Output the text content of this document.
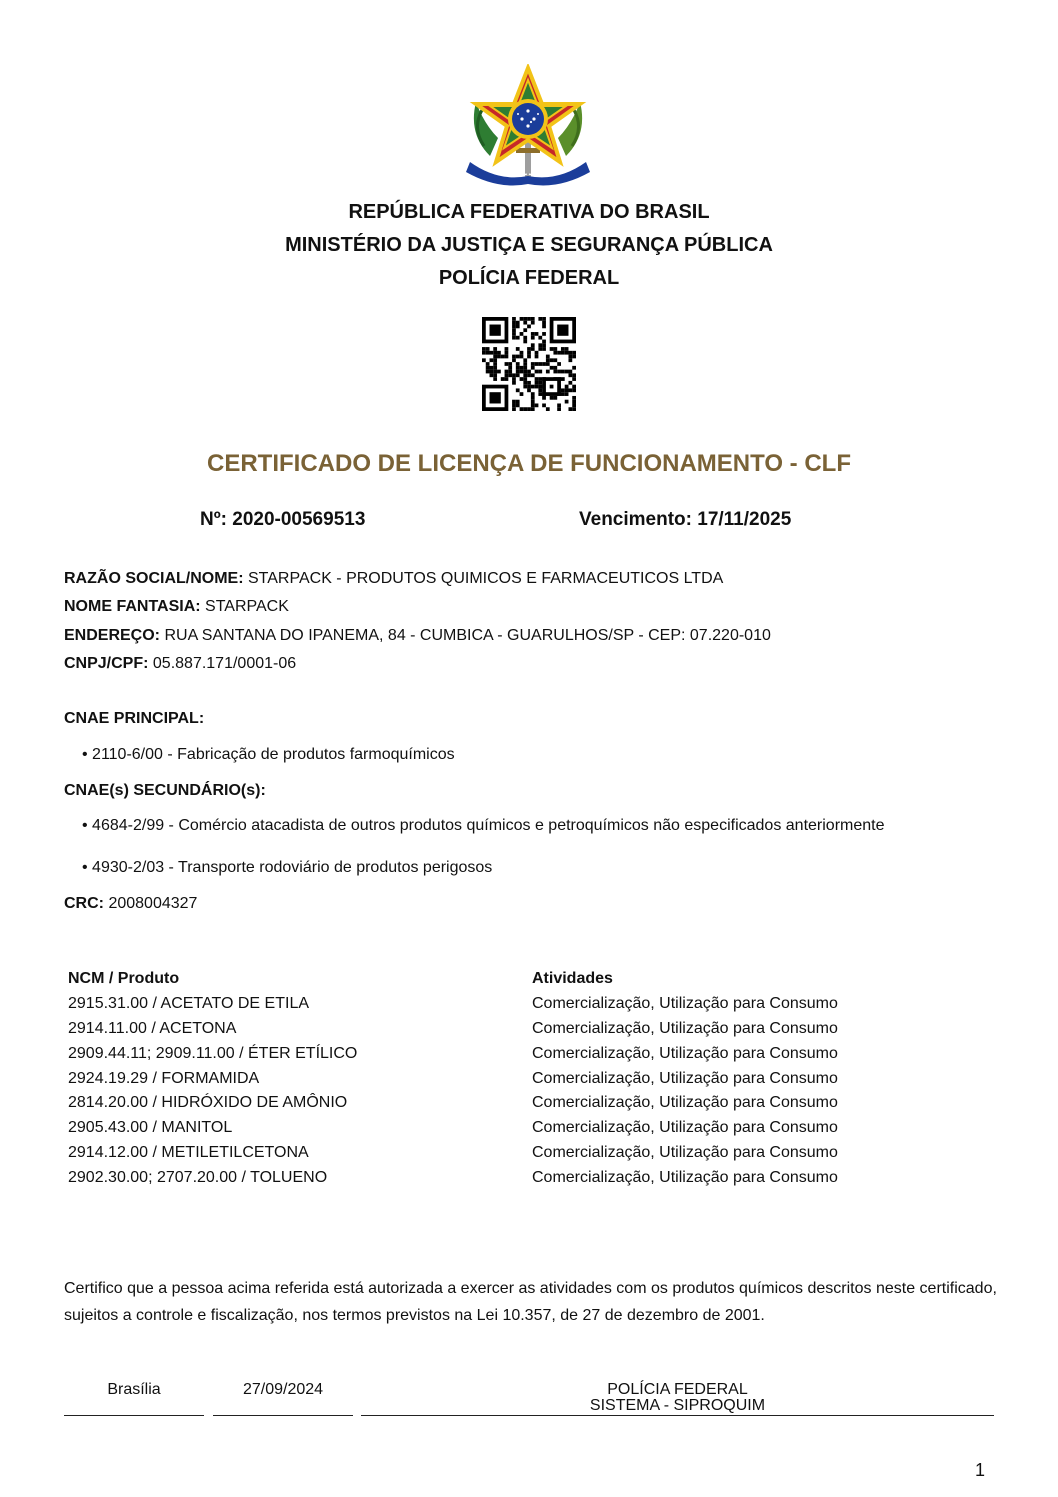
REPÚBLICA FEDERATIVA DO BRASIL
MINISTÉRIO DA JUSTIÇA E SEGURANÇA PÚBLICA
POLÍCIA FEDERAL
CERTIFICADO DE LICENÇA DE FUNCIONAMENTO - CLF
Nº: 2020-00569513	Vencimento: 17/11/2025
RAZÃO SOCIAL/NOME: STARPACK - PRODUTOS QUIMICOS E FARMACEUTICOS LTDA
NOME FANTASIA: STARPACK
ENDEREÇO: RUA SANTANA DO IPANEMA, 84 - CUMBICA - GUARULHOS/SP - CEP: 07.220-010
CNPJ/CPF: 05.887.171/0001-06
CNAE PRINCIPAL:
• 2110-6/00 - Fabricação de produtos farmoquímicos
CNAE(s) SECUNDÁRIO(s):
• 4684-2/99 - Comércio atacadista de outros produtos químicos e petroquímicos não especificados anteriormente
• 4930-2/03 - Transporte rodoviário de produtos perigosos
CRC: 2008004327
NCM / Produto	Atividades
2915.31.00 / ACETATO DE ETILA	Comercialização, Utilização para Consumo
2914.11.00 / ACETONA	Comercialização, Utilização para Consumo
2909.44.11; 2909.11.00 / ÉTER ETÍLICO	Comercialização, Utilização para Consumo
2924.19.29 / FORMAMIDA	Comercialização, Utilização para Consumo
2814.20.00 / HIDRÓXIDO DE AMÔNIO	Comercialização, Utilização para Consumo
2905.43.00 / MANITOL	Comercialização, Utilização para Consumo
2914.12.00 / METILETILCETONA	Comercialização, Utilização para Consumo
2902.30.00; 2707.20.00 / TOLUENO	Comercialização, Utilização para Consumo
Certifico que a pessoa acima referida está autorizada a exercer as atividades com os produtos químicos descritos neste certificado, sujeitos a controle e fiscalização, nos termos previstos na Lei 10.357, de 27 de dezembro de 2001.
Brasília	27/09/2024	POLÍCIA FEDERAL
SISTEMA - SIPROQUIM
1
